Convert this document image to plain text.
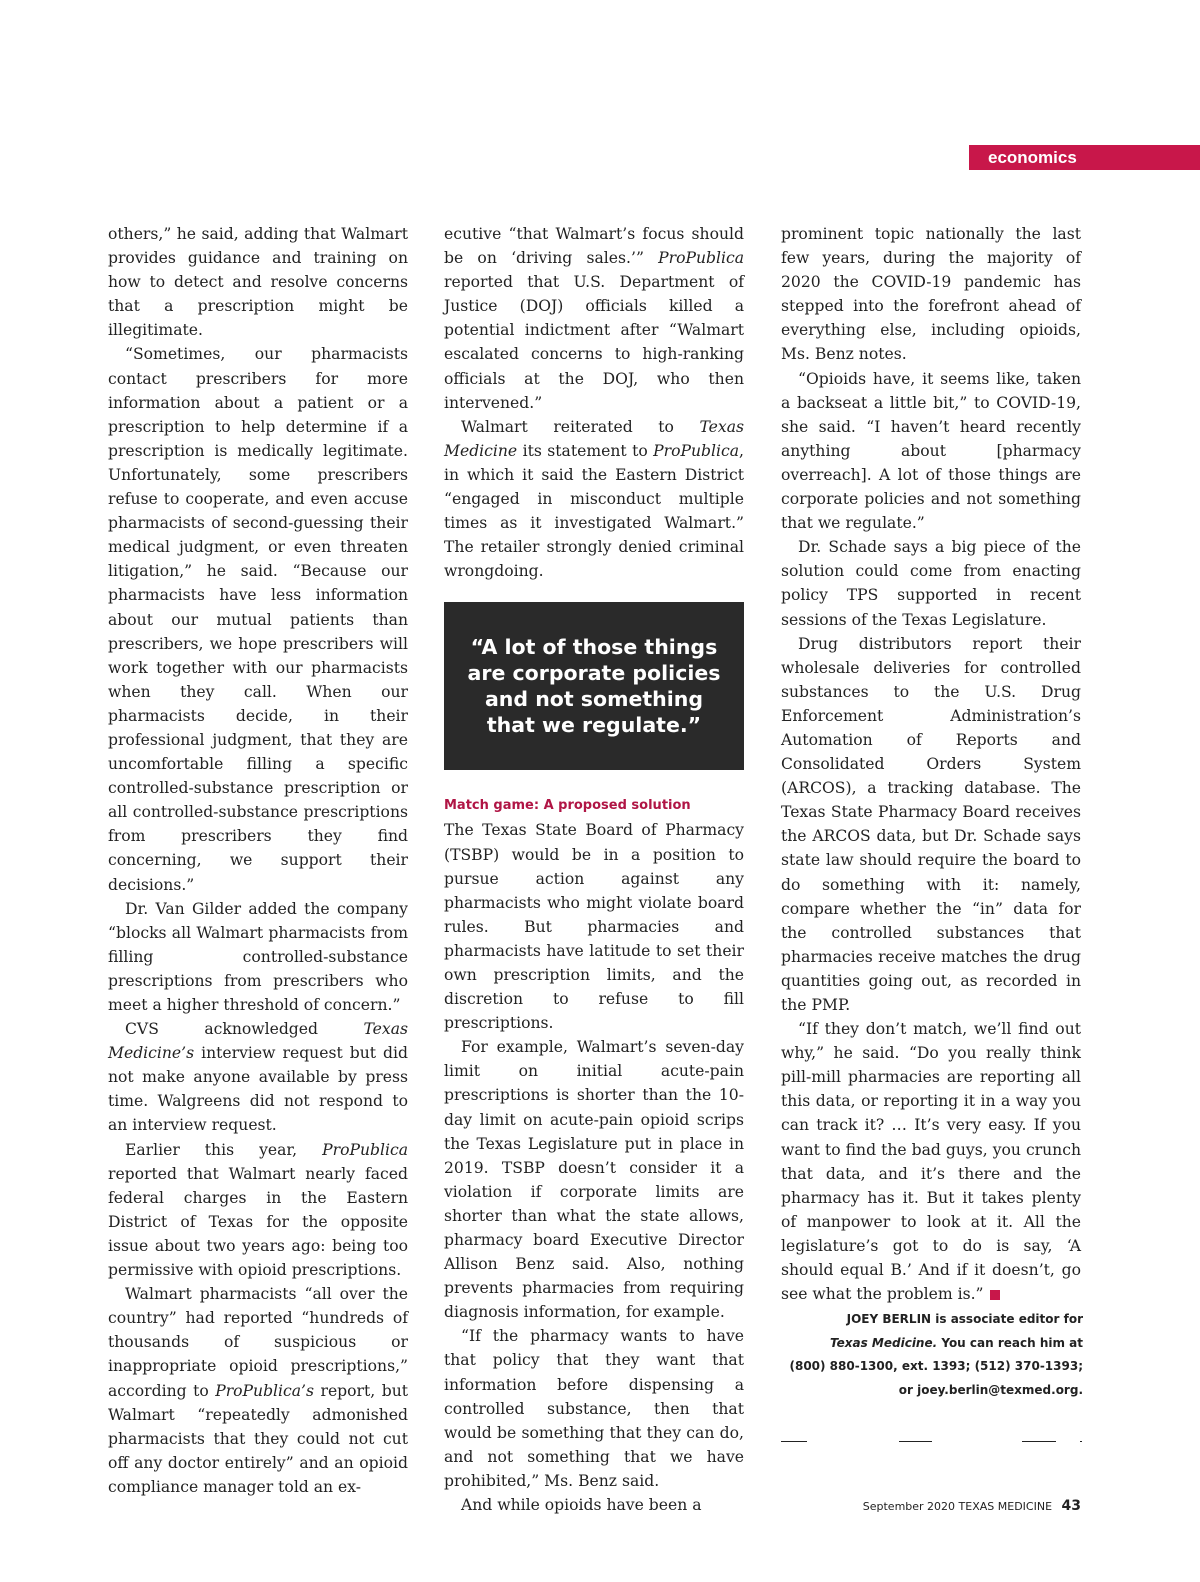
economics

others,” he said, adding that Walmart provides guidance and training on how to detect and resolve concerns that a prescription might be illegitimate.

“Sometimes, our pharmacists contact prescribers for more information about a patient or a prescription to help determine if a prescription is medically legitimate. Unfortunately, some prescribers refuse to cooperate, and even accuse pharmacists of second-guessing their medical judgment, or even threaten litigation,” he said. “Because our pharmacists have less information about our mutual patients than prescribers, we hope prescribers will work together with our pharmacists when they call. When our pharmacists decide, in their professional judgment, that they are uncomfortable filling a specific controlled-substance prescription or all controlled-substance prescriptions from prescribers they find concerning, we support their decisions.”

Dr. Van Gilder added the company “blocks all Walmart pharmacists from filling controlled-substance prescriptions from prescribers who meet a higher threshold of concern.”

CVS acknowledged Texas Medicine’s interview request but did not make anyone available by press time. Walgreens did not respond to an interview request.

Earlier this year, ProPublica reported that Walmart nearly faced federal charges in the Eastern District of Texas for the opposite issue about two years ago: being too permissive with opioid prescriptions.

Walmart pharmacists “all over the country” had reported “hundreds of thousands of suspicious or inappropriate opioid prescriptions,” according to ProPublica’s report, but Walmart “repeatedly admonished pharmacists that they could not cut off any doctor entirely” and an opioid compliance manager told an ex-

ecutive “that Walmart’s focus should be on ‘driving sales.’” ProPublica reported that U.S. Department of Justice (DOJ) officials killed a potential indictment after “Walmart escalated concerns to high-ranking officials at the DOJ, who then intervened.”

Walmart reiterated to Texas Medicine its statement to ProPublica, in which it said the Eastern District “engaged in misconduct multiple times as it investigated Walmart.” The retailer strongly denied criminal wrongdoing.

“A lot of those things are corporate policies and not something that we regulate.”
Match game: A proposed solution

The Texas State Board of Pharmacy (TSBP) would be in a position to pursue action against any pharmacists who might violate board rules. But pharmacies and pharmacists have latitude to set their own prescription limits, and the discretion to refuse to fill prescriptions.

For example, Walmart’s seven-day limit on initial acute-pain prescriptions is shorter than the 10-day limit on acute-pain opioid scrips the Texas Legislature put in place in 2019. TSBP doesn’t consider it a violation if corporate limits are shorter than what the state allows, pharmacy board Executive Director Allison Benz said. Also, nothing prevents pharmacies from requiring diagnosis information, for example.

“If the pharmacy wants to have that policy that they want that information before dispensing a controlled substance, then that would be something that they can do, and not something that we have prohibited,” Ms. Benz said.

And while opioids have been a

prominent topic nationally the last few years, during the majority of 2020 the COVID-19 pandemic has stepped into the forefront ahead of everything else, including opioids, Ms. Benz notes.

“Opioids have, it seems like, taken a backseat a little bit,” to COVID-19, she said. “I haven’t heard recently anything about [pharmacy overreach]. A lot of those things are corporate policies and not something that we regulate.”

Dr. Schade says a big piece of the solution could come from enacting policy TPS supported in recent sessions of the Texas Legislature.

Drug distributors report their wholesale deliveries for controlled substances to the U.S. Drug Enforcement Administration’s Automation of Reports and Consolidated Orders System (ARCOS), a tracking database. The Texas State Pharmacy Board receives the ARCOS data, but Dr. Schade says state law should require the board to do something with it: namely, compare whether the “in” data for the controlled substances that pharmacies receive matches the drug quantities going out, as recorded in the PMP.

“If they don’t match, we’ll find out why,” he said. “Do you really think pill-mill pharmacies are reporting all this data, or reporting it in a way you can track it? … It’s very easy. If you want to find the bad guys, you crunch that data, and it’s there and the pharmacy has it. But it takes plenty of manpower to look at it. All the legislature’s got to do is say, ‘A should equal B.’ And if it doesn’t, go see what the problem is.”

JOEY BERLIN is associate editor for
Texas Medicine. You can reach him at
(800) 880-1300, ext. 1393; (512) 370-1393;
or joey.berlin@texmed.org.
September 2020 TEXAS MEDICINE 43
